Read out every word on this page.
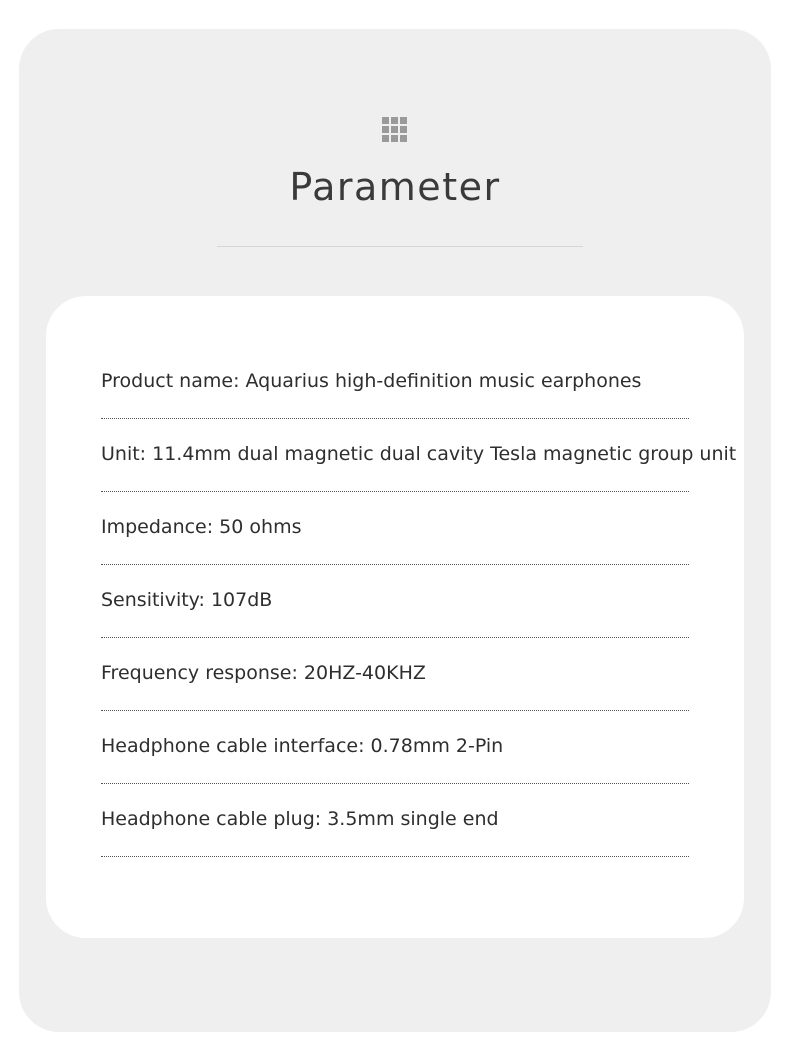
Parameter
Product name: Aquarius high-definition music earphones
Unit: 11.4mm dual magnetic dual cavity Tesla magnetic group unit
Impedance: 50 ohms
Sensitivity: 107dB
Frequency response: 20HZ-40KHZ
Headphone cable interface: 0.78mm 2-Pin
Headphone cable plug: 3.5mm single end
